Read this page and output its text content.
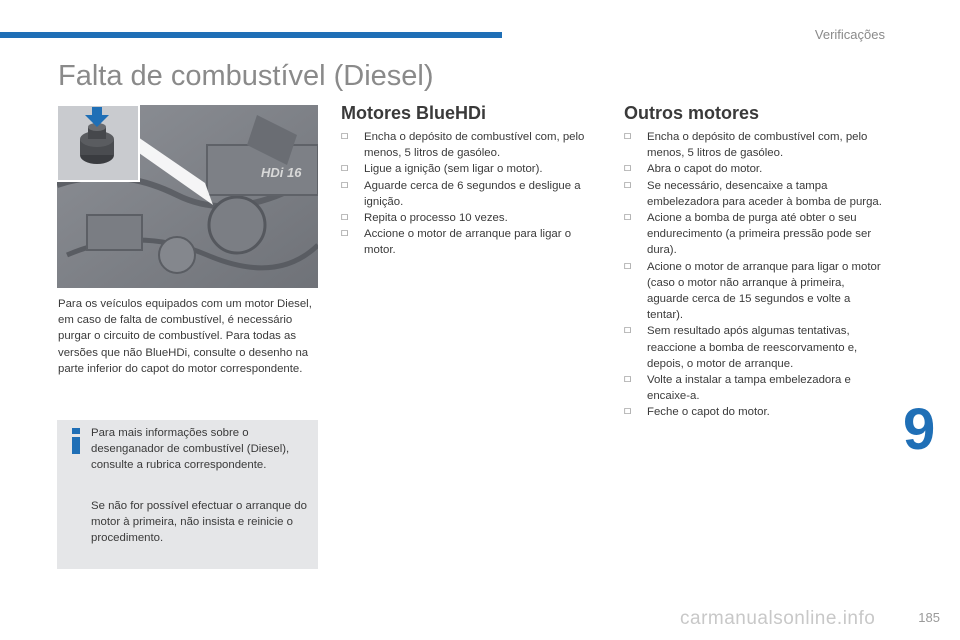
Verificações
Falta de combustível (Diesel)
HDi 16

Para os veículos equipados com um motor Diesel, em caso de falta de combustível, é necessário purgar o circuito de combustível. Para todas as versões que não BlueHDi, consulte o desenho na parte inferior do capot do motor correspondente.

Para mais informações sobre o desenganador de combustível (Diesel), consulte a rubrica correspondente.

Se não for possível efectuar o arranque do motor à primeira, não insista e reinicie o procedimento.

Motores BlueHDi
☐ Encha o depósito de combustível com, pelo menos, 5 litros de gasóleo.
☐ Ligue a ignição (sem ligar o motor).
☐ Aguarde cerca de 6 segundos e desligue a ignição.
☐ Repita o processo 10 vezes.
☐ Accione o motor de arranque para ligar o motor.
Outros motores
☐ Encha o depósito de combustível com, pelo menos, 5 litros de gasóleo.
☐ Abra o capot do motor.
☐ Se necessário, desencaixe a tampa embelezadora para aceder à bomba de purga.
☐ Acione a bomba de purga até obter o seu endurecimento (a primeira pressão pode ser dura).
☐ Acione o motor de arranque para ligar o motor (caso o motor não arranque à primeira, aguarde cerca de 15 segundos e volte a tentar).
☐ Sem resultado após algumas tentativas, reaccione a bomba de reescorvamento e, depois, o motor de arranque.
☐ Volte a instalar a tampa embelezadora e encaixe-a.
☐ Feche o capot do motor.	9
carmanualsonline.info	185
